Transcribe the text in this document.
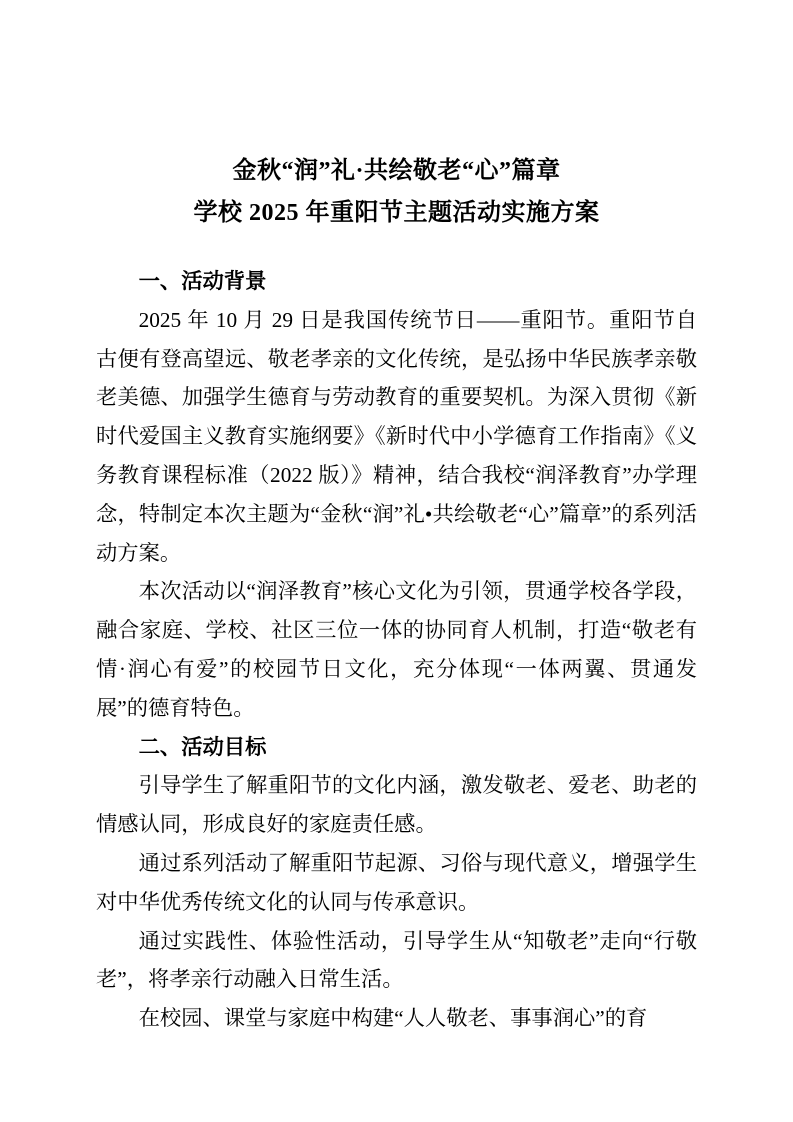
金秋“润”礼·共绘敬老“心”篇章
学校 2025 年重阳节主题活动实施方案

一、活动背景

2025 年 10 月 29 日是我国传统节日——重阳节。重阳节自古便有登高望远、敬老孝亲的文化传统，是弘扬中华民族孝亲敬老美德、加强学生德育与劳动教育的重要契机。为深入贯彻《新时代爱国主义教育实施纲要》《新时代中小学德育工作指南》《义务教育课程标准（2022 版）》精神，结合我校“润泽教育”办学理念，特制定本次主题为“金秋“润”礼•共绘敬老“心”篇章”的系列活动方案。

本次活动以“润泽教育”核心文化为引领，贯通学校各学段，融合家庭、学校、社区三位一体的协同育人机制，打造“敬老有情·润心有爱”的校园节日文化，充分体现“一体两翼、贯通发展”的德育特色。

二、活动目标

引导学生了解重阳节的文化内涵，激发敬老、爱老、助老的情感认同，形成良好的家庭责任感。

通过系列活动了解重阳节起源、习俗与现代意义，增强学生对中华优秀传统文化的认同与传承意识。

通过实践性、体验性活动，引导学生从“知敬老”走向“行敬老”，将孝亲行动融入日常生活。

在校园、课堂与家庭中构建“人人敬老、事事润心”的育
